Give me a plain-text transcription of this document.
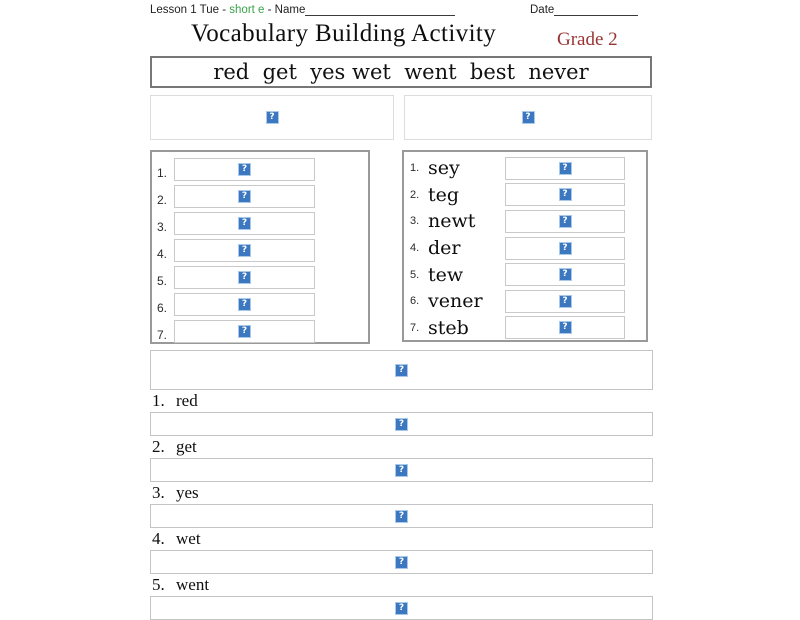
Lesson 1 Tue - short e - Name	Date
Vocabulary Building Activity	Grade 2
red  get  yes wet  went  best  never
?	?
1.	?
2.	?
3.	?
4.	?
5.	?
6.	?
7.	?
1. sey	?
2. teg	?
3. newt	?
4. der	?
5. tew	?
6. vener	?
7. steb	?
?
1. red
?
2. get
?
3. yes
?
4. wet
?
5. went
?
